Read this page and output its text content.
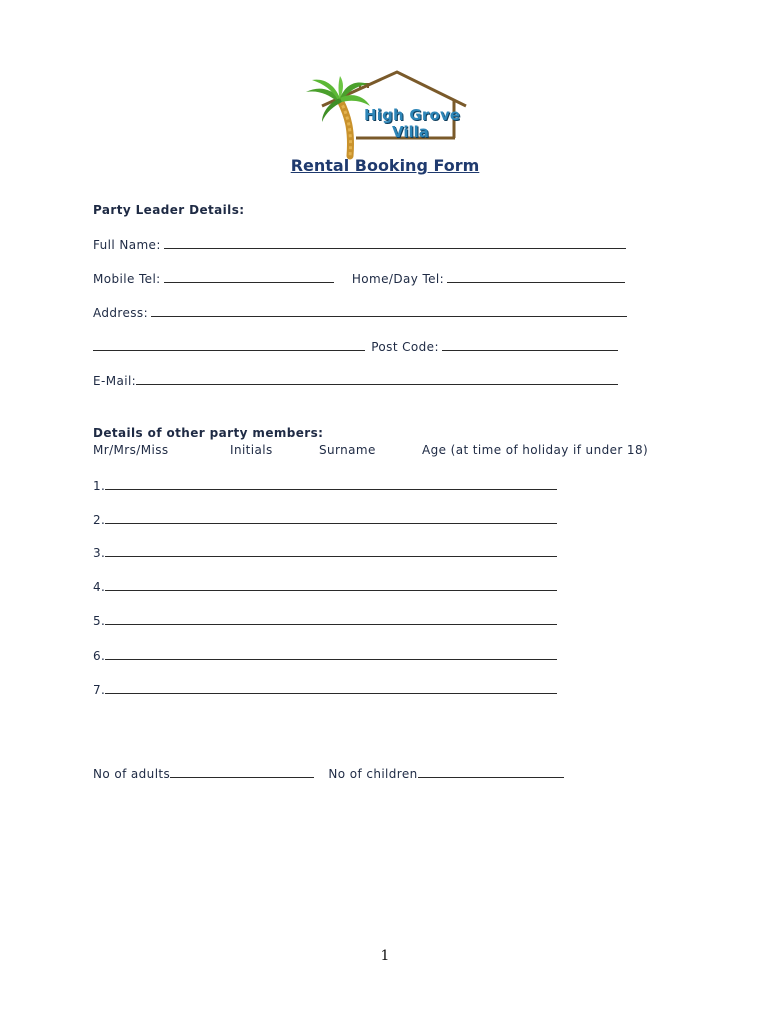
High Grove
Villa
Rental Booking Form
Party Leader Details:
Full Name:
Mobile Tel:	Home/Day Tel:
Address:
Post Code:
E-Mail:
Details of other party members:
Mr/Mrs/Miss	Initials	Surname	Age (at time of holiday if under 18)
1.
2.
3.
4.
5.
6.
7.
No of adults	No of children
1
